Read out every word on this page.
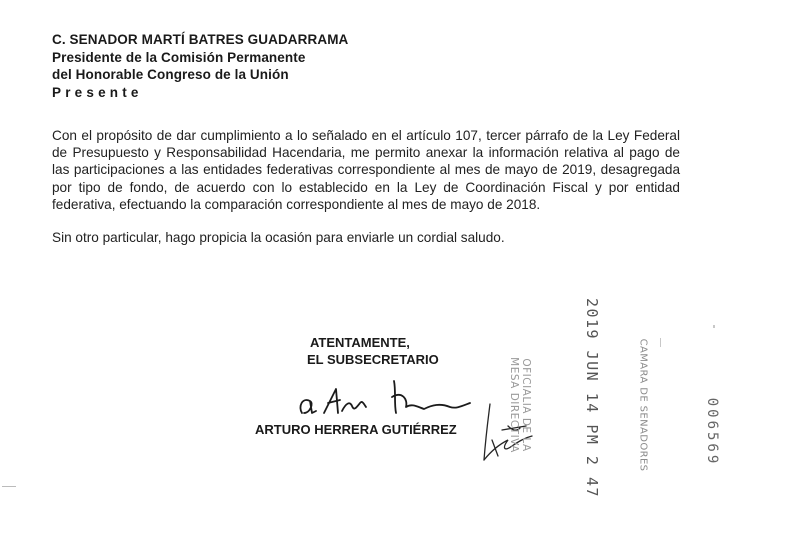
C. SENADOR MARTÍ BATRES GUADARRAMA
Presidente de la Comisión Permanente
del Honorable Congreso de la Unión
Presente

Con el propósito de dar cumplimiento a lo señalado en el artículo 107, tercer párrafo de la Ley Federal de Presupuesto y Responsabilidad Hacendaria, me permito anexar la información relativa al pago de las participaciones a las entidades federativas correspondiente al mes de mayo de 2019, desagregada por tipo de fondo, de acuerdo con lo establecido en la Ley de Coordinación Fiscal y por entidad federativa, efectuando la comparación correspondiente al mes de mayo de 2018.

Sin otro particular, hago propicia la ocasión para enviarle un cordial saludo.

ATENTAMENTE,
EL SUBSECRETARIO
ARTURO HERRERA GUTIÉRREZ	OFICIALIA DE LA
MESA DIRECTIVA	2019 JUN 14 PM 2 47	CAMARA DE SENADORES	006569
